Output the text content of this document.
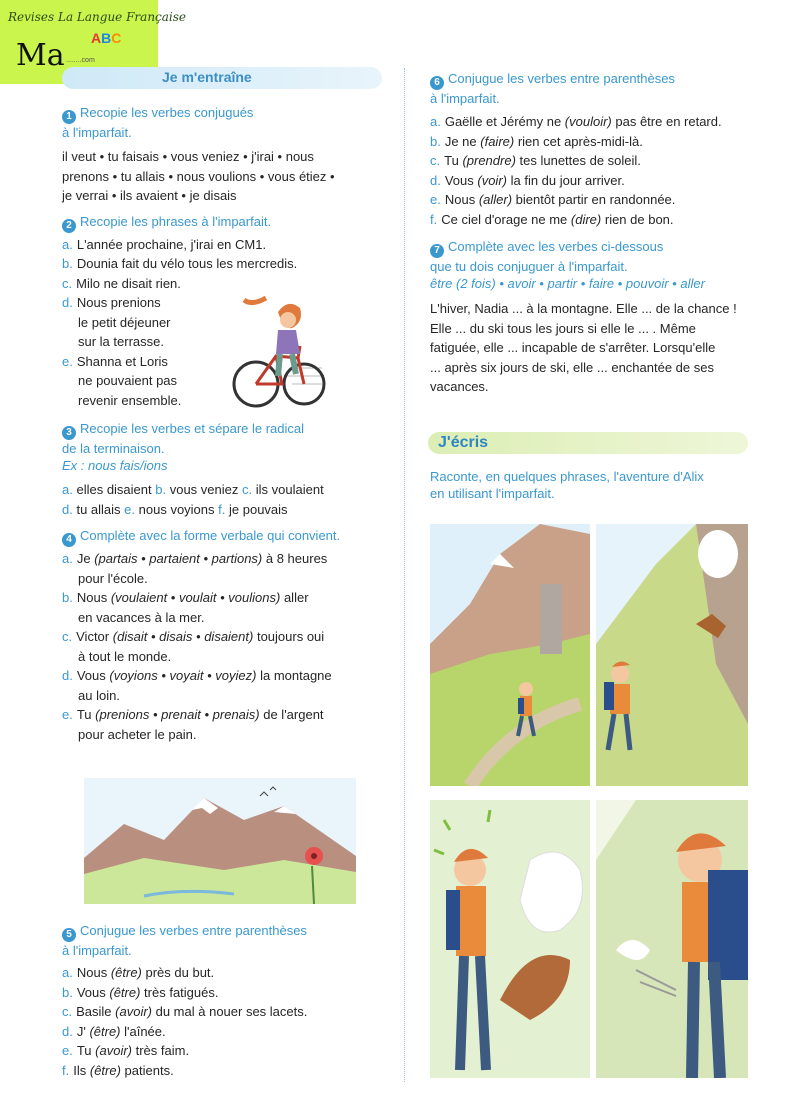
Revises La Langue Française
Ma ABC
........com
Je m'entraîne
1 Recopie les verbes conjugués
à l'imparfait.
il veut • tu faisais • vous veniez • j'irai • nous
prenons • tu allais • nous voulions • vous étiez •
je verrai • ils avaient • je disais
2 Recopie les phrases à l'imparfait.
a. L'année prochaine, j'irai en CM1.
b. Dounia fait du vélo tous les mercredis.
c. Milo ne disait rien.
d. Nous prenions
le petit déjeuner
sur la terrasse.
e. Shanna et Loris
ne pouvaient pas
revenir ensemble.
3 Recopie les verbes et sépare le radical
de la terminaison.
Ex : nous fais/ions
a. elles disaient b. vous veniez c. ils voulaient
d. tu allais e. nous voyions f. je pouvais
4 Complète avec la forme verbale qui convient.
a. Je (partais • partaient • partions) à 8 heures
pour l'école.
b. Nous (voulaient • voulait • voulions) aller
en vacances à la mer.
c. Victor (disait • disais • disaient) toujours oui
à tout le monde.
d. Vous (voyions • voyait • voyiez) la montagne
au loin.
e. Tu (prenions • prenait • prenais) de l'argent
pour acheter le pain.
5 Conjugue les verbes entre parenthèses
à l'imparfait.
a. Nous (être) près du but.
b. Vous (être) très fatigués.
c. Basile (avoir) du mal à nouer ses lacets.
d. J' (être) l'aînée.
e. Tu (avoir) très faim.
f. Ils (être) patients.
6 Conjugue les verbes entre parenthèses
à l'imparfait.
a. Gaëlle et Jérémy ne (vouloir) pas être en retard.
b. Je ne (faire) rien cet après-midi-là.
c. Tu (prendre) tes lunettes de soleil.
d. Vous (voir) la fin du jour arriver.
e. Nous (aller) bientôt partir en randonnée.
f. Ce ciel d'orage ne me (dire) rien de bon.
7 Complète avec les verbes ci-dessous
que tu dois conjuguer à l'imparfait.
être (2 fois) • avoir • partir • faire • pouvoir • aller
L'hiver, Nadia ... à la montagne. Elle ... de la chance !
Elle ... du ski tous les jours si elle le ... . Même
fatiguée, elle ... incapable de s'arrêter. Lorsqu'elle
... après six jours de ski, elle ... enchantée de ses
vacances.
J'écris
Raconte, en quelques phrases, l'aventure d'Alix
en utilisant l'imparfait.
